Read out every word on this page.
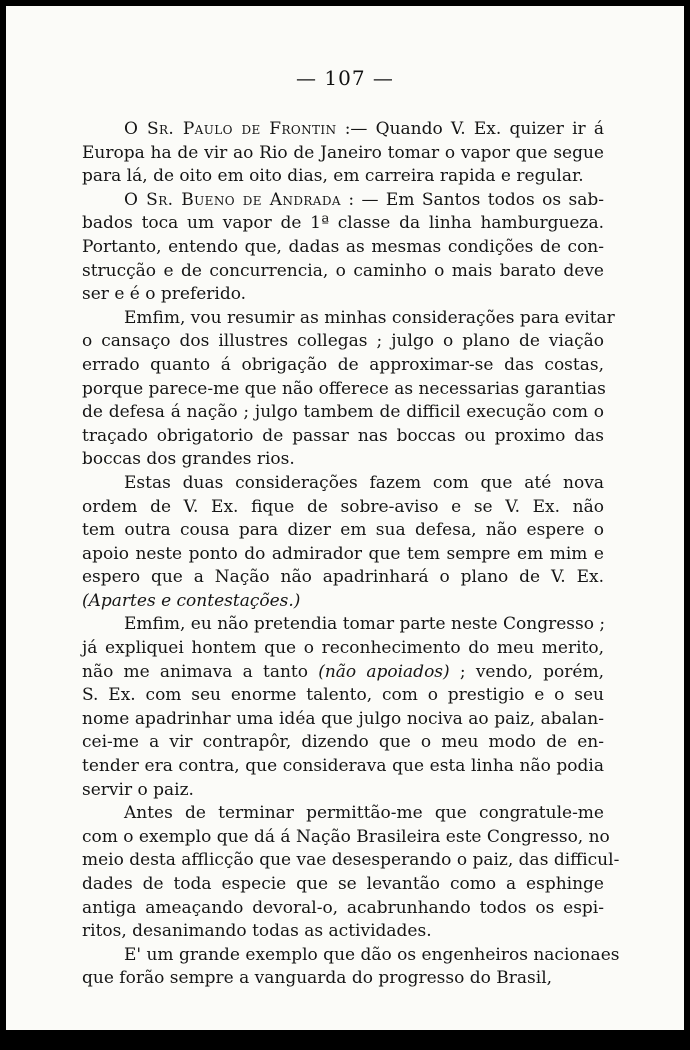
— 107 —
O Sr. Paulo de Frontin :— Quando V. Ex. quizer ir á
Europa ha de vir ao Rio de Janeiro tomar o vapor que segue
para lá, de oito em oito dias, em carreira rapida e regular.
O Sr. Bueno de Andrada : — Em Santos todos os sab-
bados toca um vapor de 1ª classe da linha hamburgueza.
Portanto, entendo que, dadas as mesmas condições de con-
strucção e de concurrencia, o caminho o mais barato deve
ser e é o preferido.
Emfim, vou resumir as minhas considerações para evitar
o cansaço dos illustres collegas ; julgo o plano de viação
errado quanto á obrigação de approximar-se das costas,
porque parece-me que não offerece as necessarias garantias
de defesa á nação ; julgo tambem de difficil execução com o
traçado obrigatorio de passar nas boccas ou proximo das
boccas dos grandes rios.
Estas duas considerações fazem com que até nova
ordem de V. Ex. fique de sobre-aviso e se V. Ex. não
tem outra cousa para dizer em sua defesa, não espere o
apoio neste ponto do admirador que tem sempre em mim e
espero que a Nação não apadrinhará o plano de V. Ex.
(Apartes e contestações.)
Emfim, eu não pretendia tomar parte neste Congresso ;
já expliquei hontem que o reconhecimento do meu merito,
não me animava a tanto (não apoiados) ; vendo, porém,
S. Ex. com seu enorme talento, com o prestigio e o seu
nome apadrinhar uma idéa que julgo nociva ao paiz, abalan-
cei-me a vir contrapôr, dizendo que o meu modo de en-
tender era contra, que considerava que esta linha não podia
servir o paiz.
Antes de terminar permittão-me que congratule-me
com o exemplo que dá á Nação Brasileira este Congresso, no
meio desta afflicção que vae desesperando o paiz, das difficul-
dades de toda especie que se levantão como a esphinge
antiga ameaçando devoral-o, acabrunhando todos os espi-
ritos, desanimando todas as actividades.
E' um grande exemplo que dão os engenheiros nacionaes
que forão sempre a vanguarda do progresso do Brasil,
